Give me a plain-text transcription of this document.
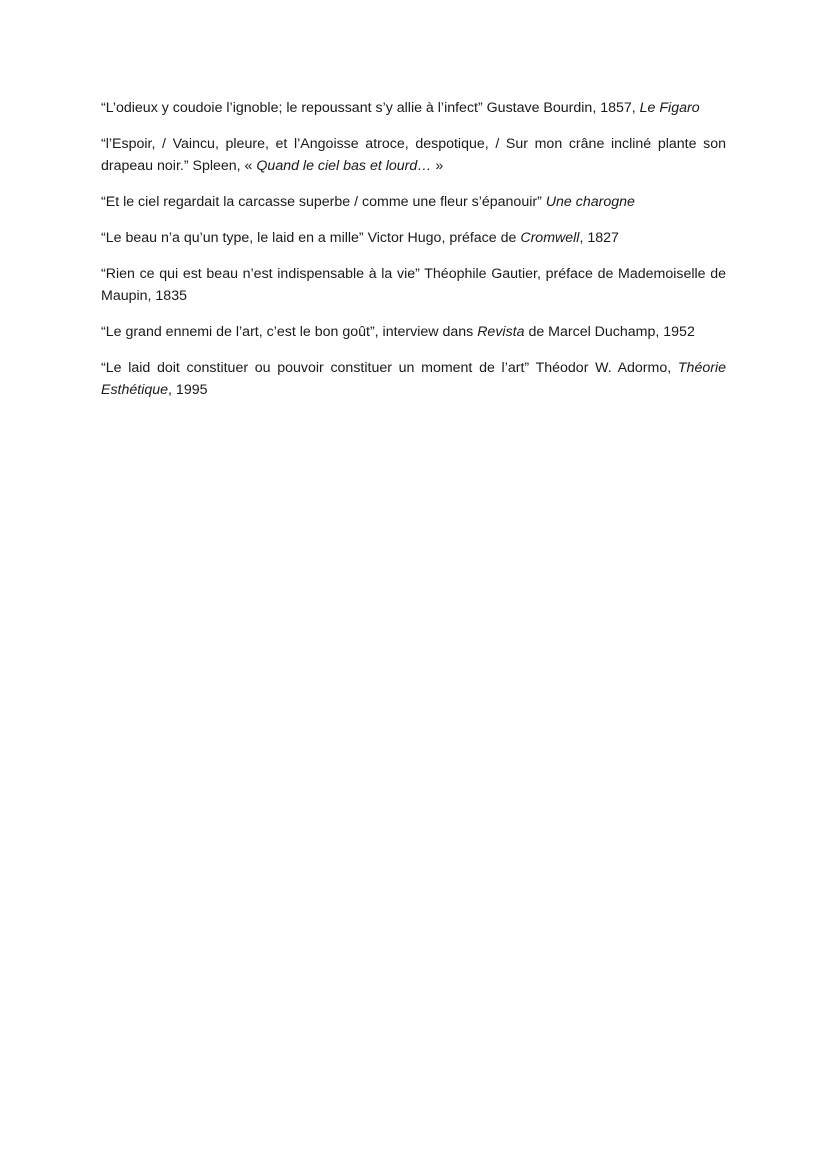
“L’odieux y coudoie l’ignoble; le repoussant s’y allie à l’infect” Gustave Bourdin, 1857, Le Figaro

“l’Espoir, / Vaincu, pleure, et l’Angoisse atroce, despotique, / Sur mon crâne incliné plante son drapeau noir.” Spleen, « Quand le ciel bas et lourd… »

“Et le ciel regardait la carcasse superbe / comme une fleur s’épanouir” Une charogne

“Le beau n’a qu’un type, le laid en a mille” Victor Hugo, préface de Cromwell, 1827

“Rien ce qui est beau n’est indispensable à la vie” Théophile Gautier, préface de Mademoiselle de Maupin, 1835

“Le grand ennemi de l’art, c’est le bon goût”, interview dans Revista de Marcel Duchamp, 1952

“Le laid doit constituer ou pouvoir constituer un moment de l’art” Théodor W. Adormo, Théorie Esthétique, 1995
